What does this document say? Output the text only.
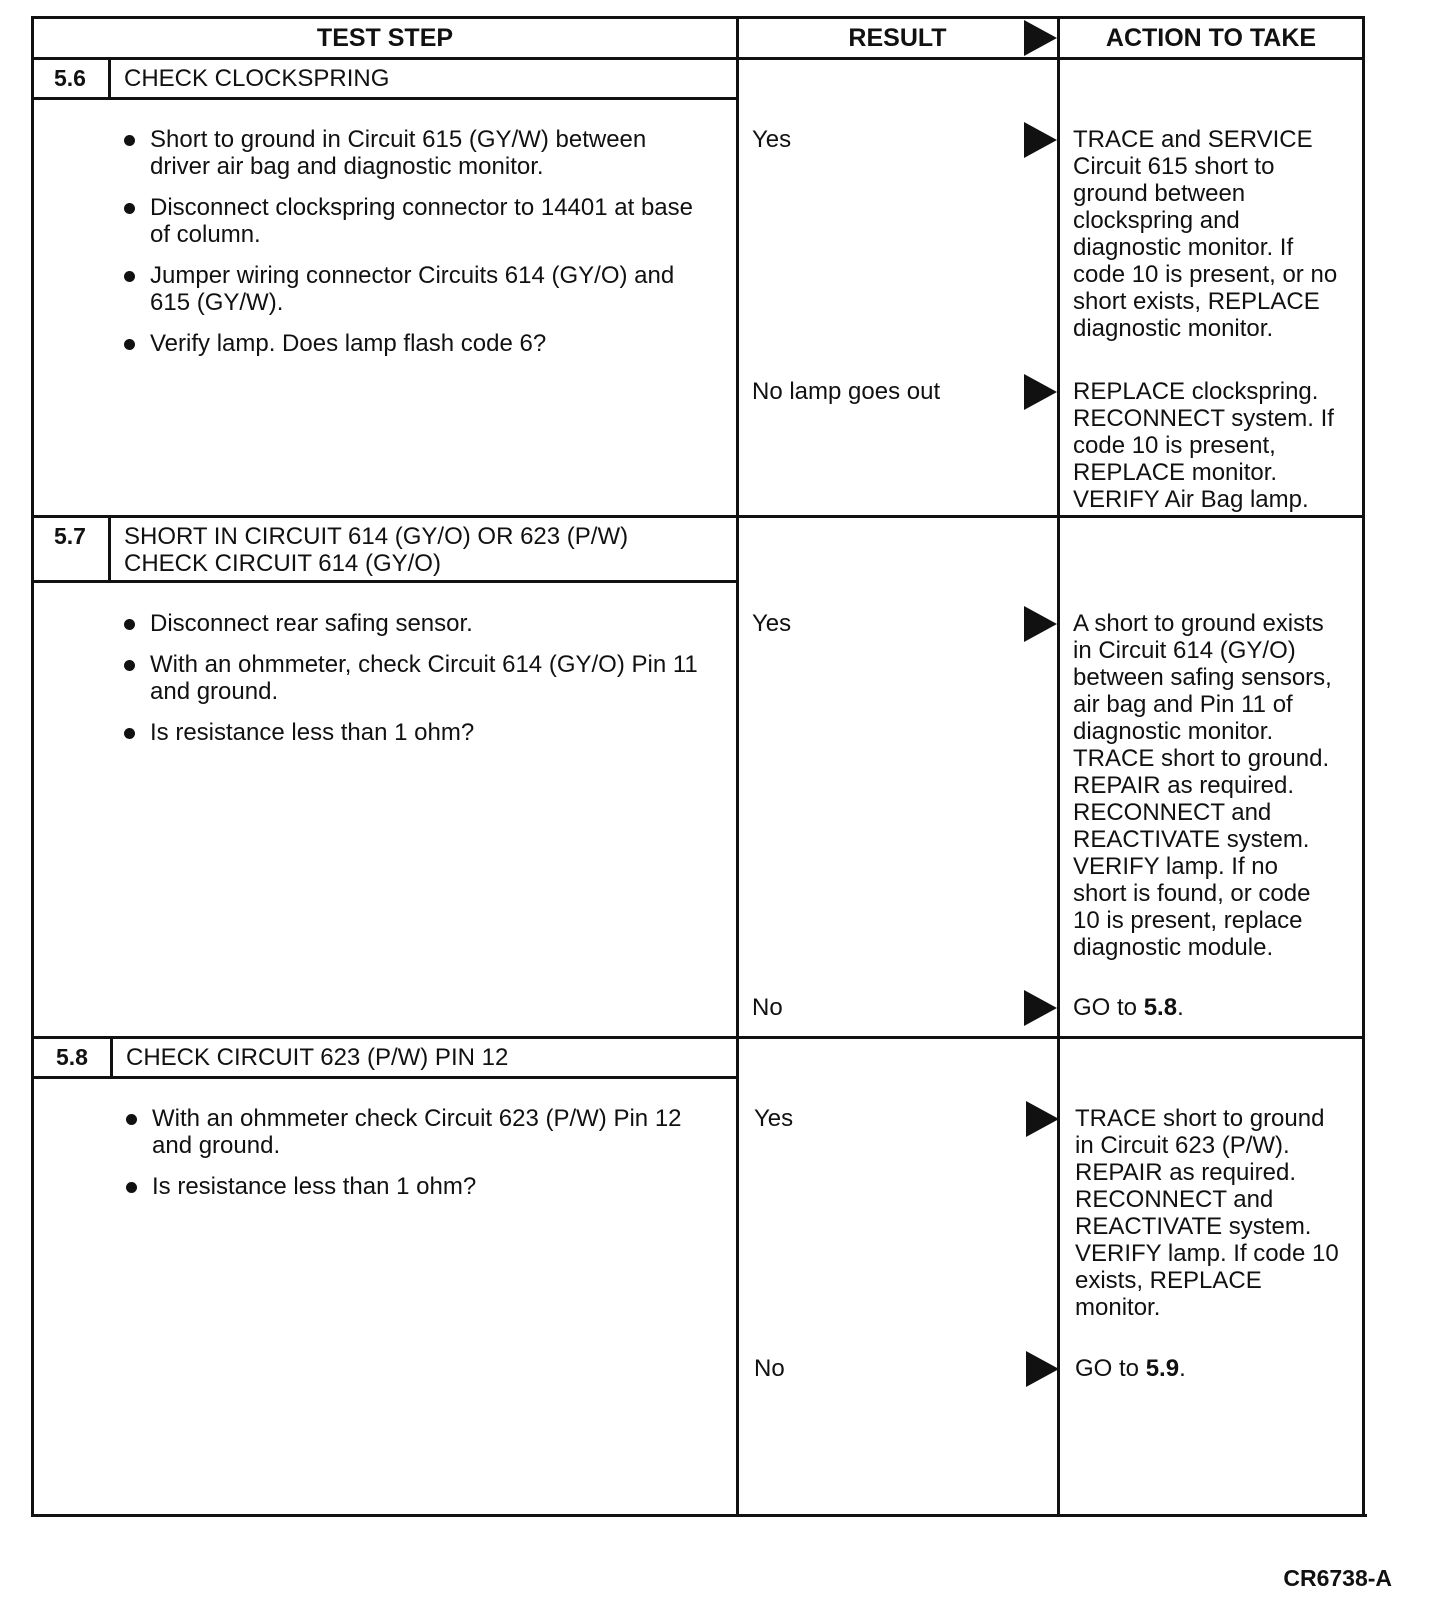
TEST STEP	RESULT	ACTION TO TAKE
5.6	CHECK CLOCKSPRING
Short to ground in Circuit 615 (GY/W) between
driver air bag and diagnostic monitor.
Disconnect clockspring connector to 14401 at base
of column.
Jumper wiring connector Circuits 614 (GY/O) and
615 (GY/W).
Verify lamp. Does lamp flash code 6?
Yes	TRACE and SERVICE
Circuit 615 short to
ground between
clockspring and
diagnostic monitor. If
code 10 is present, or no
short exists, REPLACE
diagnostic monitor.
No lamp goes out	REPLACE clockspring.
RECONNECT system. If
code 10 is present,
REPLACE monitor.
VERIFY Air Bag lamp.
5.7	SHORT IN CIRCUIT 614 (GY/O) OR 623 (P/W)
CHECK CIRCUIT 614 (GY/O)
Disconnect rear safing sensor.
With an ohmmeter, check Circuit 614 (GY/O) Pin 11
and ground.
Is resistance less than 1 ohm?
Yes	A short to ground exists
in Circuit 614 (GY/O)
between safing sensors,
air bag and Pin 11 of
diagnostic monitor.
TRACE short to ground.
REPAIR as required.
RECONNECT and
REACTIVATE system.
VERIFY lamp. If no
short is found, or code
10 is present, replace
diagnostic module.
No	GO to 5.8.
5.8	CHECK CIRCUIT 623 (P/W) PIN 12
With an ohmmeter check Circuit 623 (P/W) Pin 12
and ground.
Is resistance less than 1 ohm?
Yes	TRACE short to ground
in Circuit 623 (P/W).
REPAIR as required.
RECONNECT and
REACTIVATE system.
VERIFY lamp. If code 10
exists, REPLACE
monitor.
No	GO to 5.9.
CR6738-A
